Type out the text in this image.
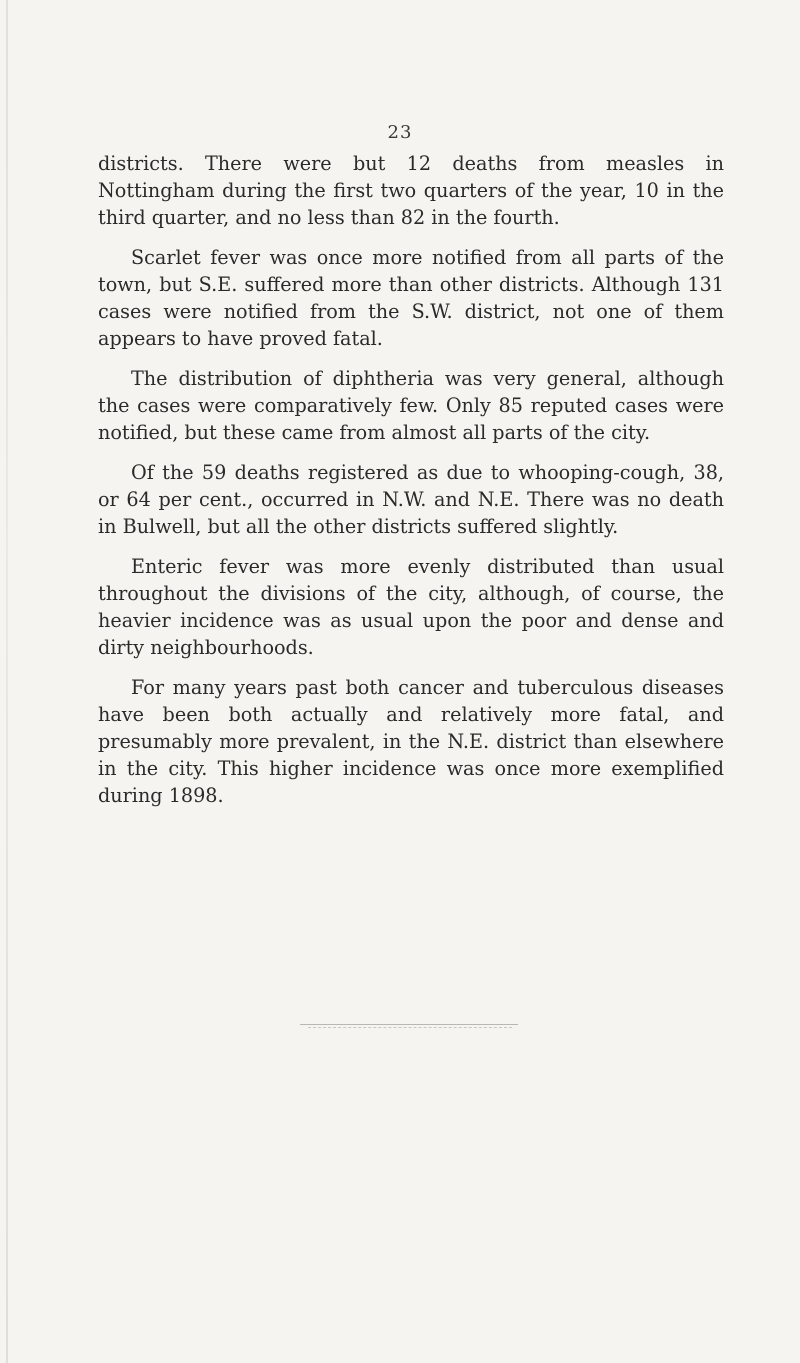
23

districts. There were but 12 deaths from measles in Nottingham during the first two quarters of the year, 10 in the third quarter, and no less than 82 in the fourth.

Scarlet fever was once more notified from all parts of the town, but S.E. suffered more than other districts. Although 131 cases were notified from the S.W. district, not one of them appears to have proved fatal.

The distribution of diphtheria was very general, although the cases were comparatively few. Only 85 reputed cases were notified, but these came from almost all parts of the city.

Of the 59 deaths registered as due to whooping-cough, 38, or 64 per cent., occurred in N.W. and N.E. There was no death in Bulwell, but all the other districts suffered slightly.

Enteric fever was more evenly distributed than usual throughout the divisions of the city, although, of course, the heavier incidence was as usual upon the poor and dense and dirty neighbourhoods.

For many years past both cancer and tuberculous diseases have been both actually and relatively more fatal, and presumably more prevalent, in the N.E. district than elsewhere in the city. This higher incidence was once more exemplified during 1898.
